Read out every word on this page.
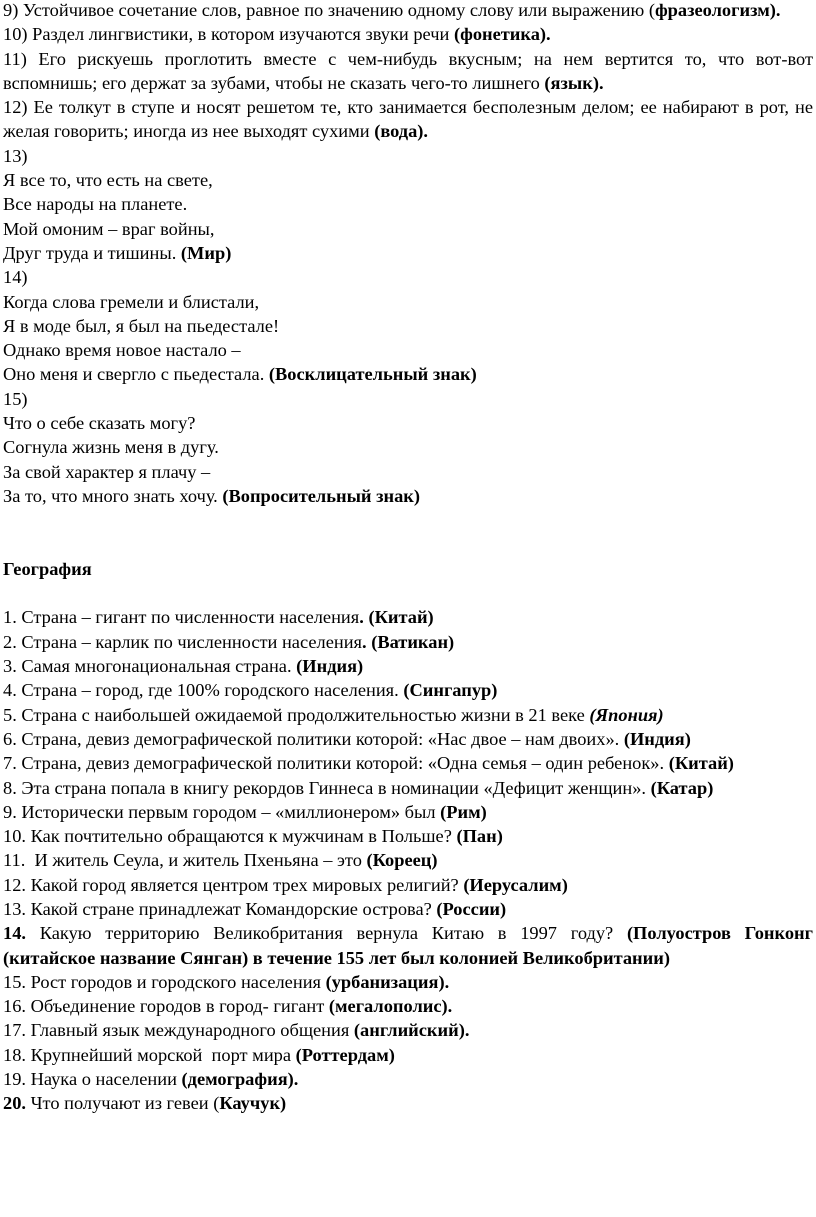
9) Устойчивое сочетание слов, равное по значению одному слову или выражению (фразеологизм).

10) Раздел лингвистики, в котором изучаются звуки речи (фонетика).

11) Его рискуешь проглотить вместе с чем-нибудь вкусным; на нем вертится то, что вот-вот вспомнишь; его держат за зубами, чтобы не сказать чего-то лишнего (язык).

12) Ее толкут в ступе и носят решетом те, кто занимается бесполезным делом; ее набирают в рот, не желая говорить; иногда из нее выходят сухими (вода).

13)

Я все то, что есть на свете,

Все народы на планете.

Мой омоним – враг войны,

Друг труда и тишины. (Мир)

14)

Когда слова гремели и блистали,

Я в моде был, я был на пьедестале!

Однако время новое настало –

Оно меня и свергло с пьедестала. (Восклицательный знак)

15)

Что о себе сказать могу?

Согнула жизнь меня в дугу.

За свой характер я плачу –

За то, что много знать хочу. (Вопросительный знак)

География

1. Страна – гигант по численности населения. (Китай)

2. Страна – карлик по численности населения. (Ватикан)

3. Самая многонациональная страна. (Индия)

4. Страна – город, где 100% городского населения. (Сингапур)

5. Страна с наибольшей ожидаемой продолжительностью жизни в 21 веке (Япония)

6. Страна, девиз демографической политики которой: «Нас двое – нам двоих». (Индия)

7. Страна, девиз демографической политики которой: «Одна семья – один ребенок». (Китай)

8. Эта страна попала в книгу рекордов Гиннеса в номинации «Дефицит женщин». (Катар)

9. Исторически первым городом – «миллионером» был (Рим)

10. Как почтительно обращаются к мужчинам в Польше? (Пан)

11.  И житель Сеула, и житель Пхеньяна – это (Кореец)

12. Какой город является центром трех мировых религий? (Иерусалим)

13. Какой стране принадлежат Командорские острова? (России)

14. Какую территорию Великобритания вернула Китаю в 1997 году? (Полуостров Гонконг (китайское название Сянган) в течение 155 лет был колонией Великобритании)

15. Рост городов и городского населения (урбанизация).

16. Объединение городов в город- гигант (мегалополис).

17. Главный язык международного общения (английский).

18. Крупнейший морской  порт мира (Роттердам)

19. Наука о населении (демография).

20. Что получают из гевеи (Каучук)
